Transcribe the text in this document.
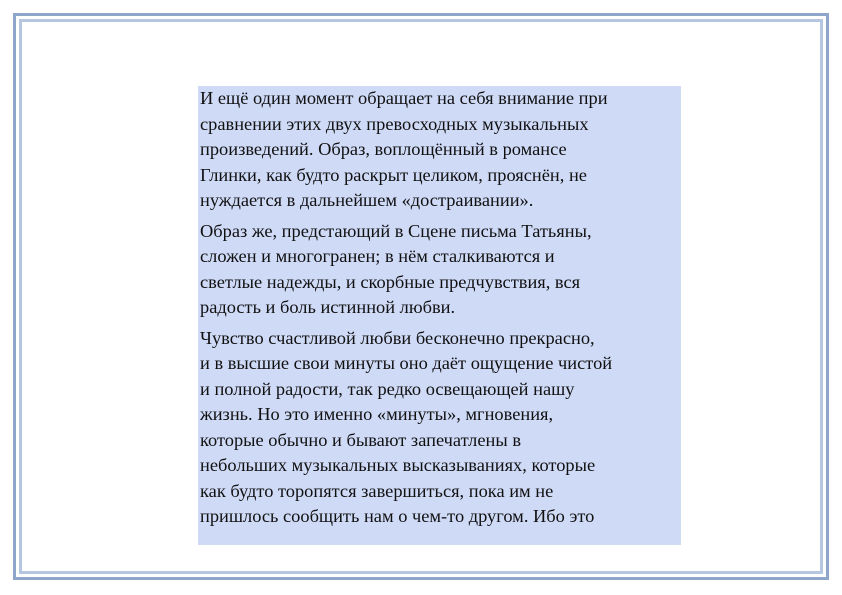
И ещё один момент обращает на себя внимание при
сравнении этих двух превосходных музыкальных
произведений. Образ, воплощённый в романсе
Глинки, как будто раскрыт целиком, прояснён, не
нуждается в дальнейшем «достраивании».

Образ же, предстающий в Сцене письма Татьяны,
сложен и многогранен; в нём сталкиваются и
светлые надежды, и скорбные предчувствия, вся
радость и боль истинной любви.

Чувство счастливой любви бесконечно прекрасно,
и в высшие свои минуты оно даёт ощущение чистой
и полной радости, так редко освещающей нашу
жизнь. Но это именно «минуты», мгновения,
которые обычно и бывают запечатлены в
небольших музыкальных высказываниях, которые
как будто торопятся завершиться, пока им не
пришлось сообщить нам о чем-то другом. Ибо это
